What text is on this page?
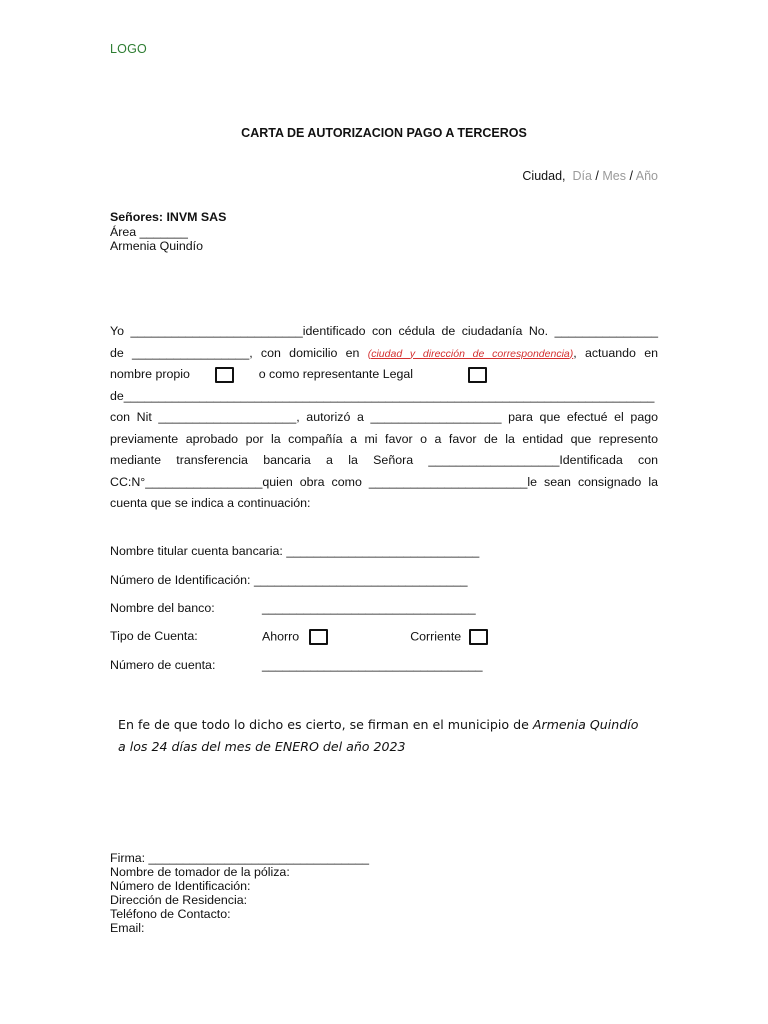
LOGO
CARTA DE AUTORIZACION PAGO A TERCEROS
Ciudad, Día / Mes / Año
Señores: INVM SAS
Área _______
Armenia Quindío
Yo _________________________identificado con cédula de ciudadanía No. _______________
de _________________, con domicilio en (ciudad y dirección de correspondencia), actuando en
nombre propio	o como representante Legal
de_____________________________________________________________________________
con Nit ____________________, autorizó a ___________________ para que efectué el pago
previamente aprobado por la compañía a mi favor o a favor de la entidad que represento
mediante transferencia bancaria a la Señora ___________________Identificada con
CC:N°_________________quien obra como _______________________le sean consignado la
cuenta que se indica a continuación:
Nombre titular cuenta bancaria: ____________________________
Número de Identificación: _______________________________
Nombre del banco:	_______________________________
Tipo de Cuenta:	Ahorro	Corriente
Número de cuenta:	________________________________
En fe de que todo lo dicho es cierto, se firman en el municipio de Armenia Quindío
a los 24 días del mes de ENERO del año 2023
Firma: ________________________________
Nombre de tomador de la póliza:
Número de Identificación:
Dirección de Residencia:
Teléfono de Contacto:
Email:
